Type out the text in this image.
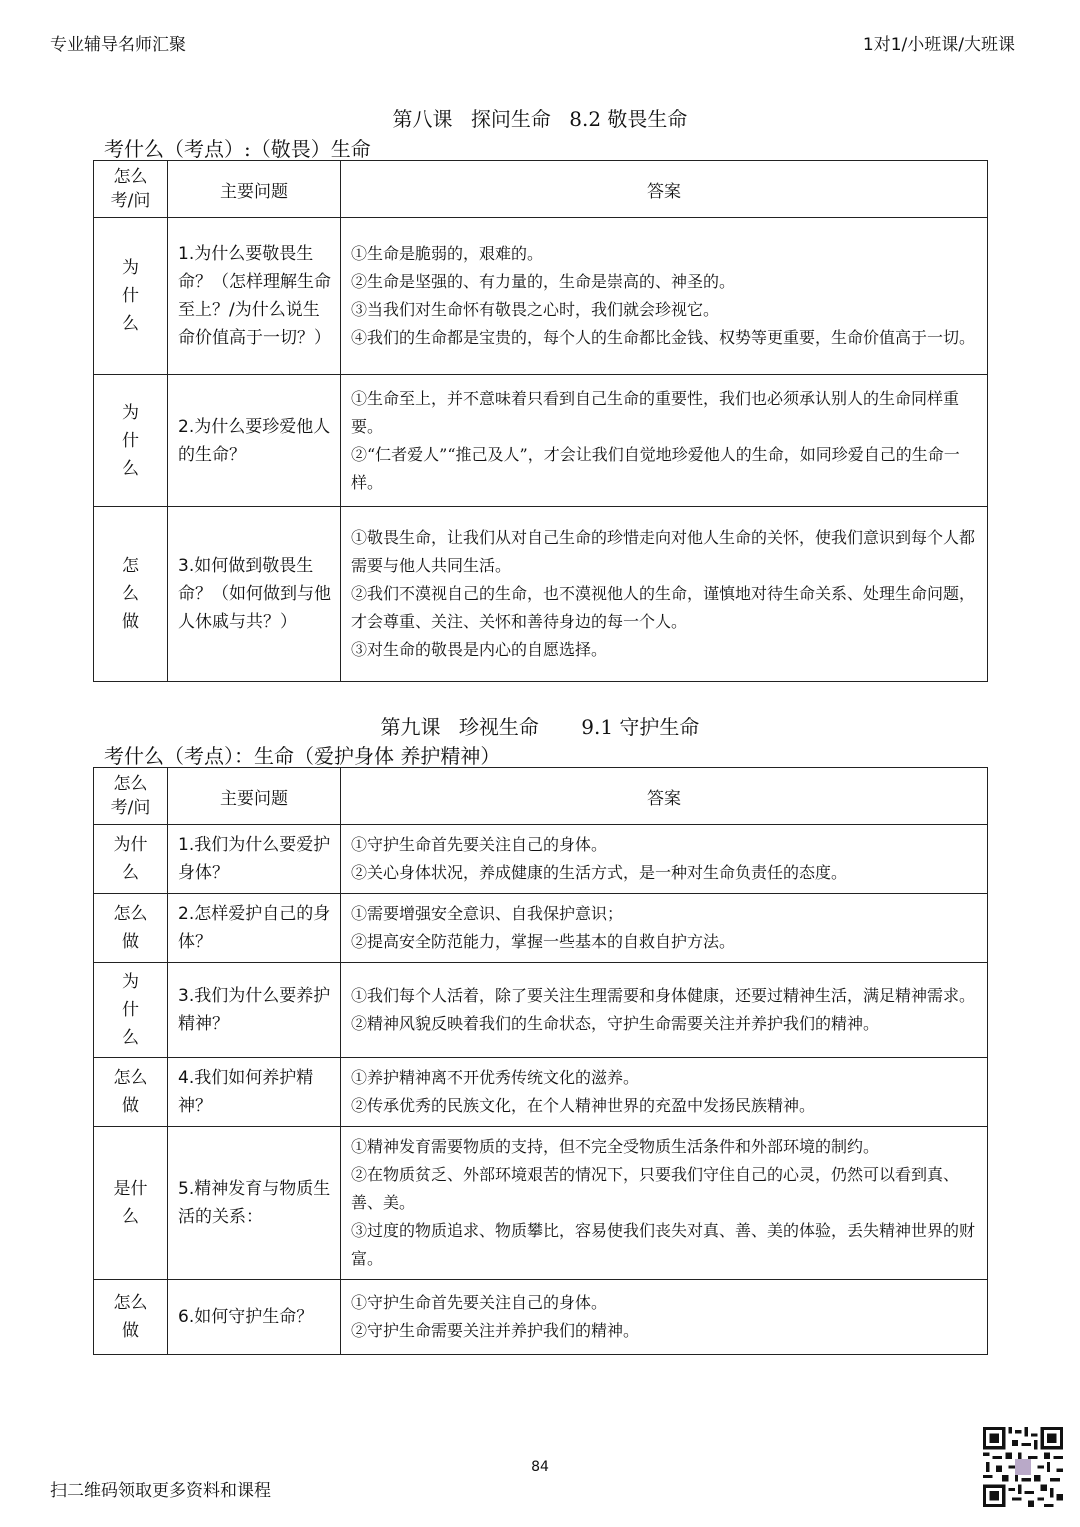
专业辅导名师汇聚	1对1/小班课/大班课
第八课 探问生命 8.2 敬畏生命
考什么（考点）:（敬畏）生命
怎么考/问	主要问题	答案

为什么	1.为什么要敬畏生命？（怎样理解生命至上？/为什么说生命价值高于一切？）	①生命是脆弱的，艰难的。
②生命是坚强的、有力量的，生命是崇高的、神圣的。
③当我们对生命怀有敬畏之心时，我们就会珍视它。
④我们的生命都是宝贵的，每个人的生命都比金钱、权势等更重要，生命价值高于一切。

为什么	2.为什么要珍爱他人的生命？	①生命至上，并不意味着只看到自己生命的重要性，我们也必须承认别人的生命同样重要。
②“仁者爱人”“推己及人”，才会让我们自觉地珍爱他人的生命，如同珍爱自己的生命一样。

怎么做	3.如何做到敬畏生命？（如何做到与他人休戚与共？）	①敬畏生命，让我们从对自己生命的珍惜走向对他人生命的关怀，使我们意识到每个人都需要与他人共同生活。
②我们不漠视自己的生命，也不漠视他人的生命，谨慎地对待生命关系、处理生命问题，才会尊重、关注、关怀和善待身边的每一个人。
③对生命的敬畏是内心的自愿选择。
第九课 珍视生命 9.1 守护生命
考什么（考点）：生命（爱护身体 养护精神）
怎么考/问	主要问题	答案

为什么	1.我们为什么要爱护身体？	①守护生命首先要关注自己的身体。
②关心身体状况，养成健康的生活方式，是一种对生命负责任的态度。

怎么做	2.怎样爱护自己的身体？	①需要增强安全意识、自我保护意识；
②提高安全防范能力，掌握一些基本的自救自护方法。

为什么	3.我们为什么要养护精神？	①我们每个人活着，除了要关注生理需要和身体健康，还要过精神生活，满足精神需求。
②精神风貌反映着我们的生命状态，守护生命需要关注并养护我们的精神。

怎么做	4.我们如何养护精神？	①养护精神离不开优秀传统文化的滋养。
②传承优秀的民族文化，在个人精神世界的充盈中发扬民族精神。

是什么	5.精神发育与物质生活的关系：	①精神发育需要物质的支持，但不完全受物质生活条件和外部环境的制约。
②在物质贫乏、外部环境艰苦的情况下，只要我们守住自己的心灵，仍然可以看到真、善、美。
③过度的物质追求、物质攀比，容易使我们丧失对真、善、美的体验，丢失精神世界的财富。

怎么做	6.如何守护生命？	①守护生命首先要关注自己的身体。
②守护生命需要关注并养护我们的精神。
84
扫二维码领取更多资料和课程
